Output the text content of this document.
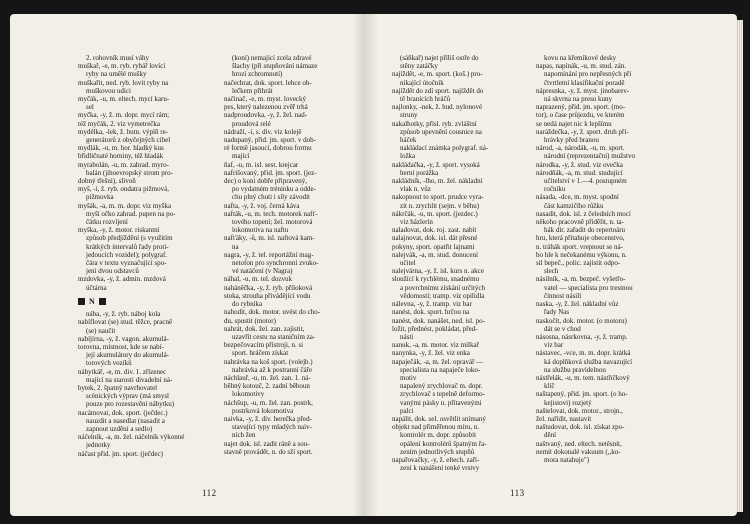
2. rohovník musí váhy

muškař, -e, m. ryb. rybář lovící

ryby na umělé mušky

muškařit, ned. ryb. lovit ryby na

muškovou udici

myčák, -u, m. eltech. mycí karu-

sel

myčka, -y, ž. m. dopr. mycí rám;

též myčák, 2. viz vymetrečka

mydélka, -lek, ž. hutn. výplň re-

generátorů z obyčejných cihel

mydlák, -u, m. hor. hladký kus

břidličnaté horniny, též hladák

myrabolán, -u, m. zahrad. myro-

balán (jihoevropský strom pro-

dobný třešni), slivoň

myš, -i, ž. ryb. ondatra pižmová,

pižmovka

myšák, -a, m. m. dopr. viz myška

myší očko zahrad. pupen na po-

čátku rozvíjení

myška, -y, ž. motor. riskantní

způsob předjíždění (s využitím

krátkých intervalů řady proti-

jedoucích vozidel); polygraf.

čára v textu vyznačující spo-

jení dvou odstavců

mzdovka, -y, ž. admin. mzdová

účtárna

N

nába, -y, ž. ryb. náboj kola

nabíflovat (se) stud. těžce, pracně

(se) naučit

nabíjírna, -y, ž. vagon. akumulá-

torovna, místnost, kde se nabí-

její akumulátory do akumulá-

torových vozíků

nábytkář, -e, m. div. 1. zřízenec

mající na starosti divadelní ná-

bytek, 2. špatný navrhovatel

scénických výprav (má smysl

pouze pro rozestavění nábytku)

nacámovat, dok. sport. (ječdec.)

nauzdit a nasedlat (nasadit a

zapnout uzdění a sedlo)

náčelník, -a, m. žel. náčelník výkonné

jednotky

náčast přid. jm. sport. (ječdec)

(koní) nemající zcela zdravé

šlachy (při stupňování námaze

hrozí zchromnutí)

načechrat, dok. sport. lehce ob-

lečkem přihrát

načinač, -e, m. myst. lovecký

pes, který nalezenou zvěř trhá

nadproudovka, -y, ž. žel. nad-

proudová relé

nádraží, -í, s. div. viz kolejě

nadupaný, přid. jm. sport. v dob-

ré formě jasoucí, dobrou formu

mající

ňaf, -u, m. isl. sest. krejcar

nafrišovaný, přid. jm. sport. (jez-

dec) o koni dobře připravený,

po vydatném tréninku a odde-

chu plný chuti i síly závodit

nafta, -y, ž. voj. černá káva

nafták, -u, m. tech. motorek nafť-

tového topení; žel. motorová

lokomotiva na naftu

nafťáky, -ů, m. isl. naftová kam-

na

nagra, -y, ž. tel. reportážní mag-

netofon pro synchronní zvuko-

vé natáčení (v Nagra)

náhal, -u, m. tel. dozvuk

naháněčka, -y, ž. ryb. příloková

stoka, strouha přivádějící vodu

do rybníka

nahodit, dok. motor. uvést do cho-

du, spustit (motor)

nahrát, dok. žel. zan. zajistit,

uzavřít cestu na staničním za-

bezpečovacím přístroji, n. si

sport. hráčem získat

nahrávka na koš sport. (volejb.)

nahrávka až k postranní čáře

náchlauř, -u, m. žel. zan. 1. ná-

běhný kotouč, 2. zadní běhoun

lokomotivy

náchšup, -u, m. žel. zan. postrk,

postrková lokomotiva

naivka, -y, ž. div. herečka před-

stavující typy mladých naiv-

ních žen

najet dok. isl. zadit ráně a sou-

stavně provádět, n. do sží sport.

112

(sáňkař) najet příliš ostře do

stěny zatáčky

najíždět, -e, m. sport. (koš.) pro-

nikající útočník

najíždět do zdí sport. najíždět do

tě branících hráčů

najlonky, -nek, ž. hud. nylonové

struny

nakalhotky, přísl. ryb. zvláštní

způsob upevnění cousnice na

háček

nakládací známka polygraf. ná-

ložka

nakládačka, -y, ž. sport. vysoká

herní porážka

nakládník, -lho, m. žel. nákladní

vlak n. vůz

nakopnout to sport. prudce vyra-

zit n. zrychlit (sejm. v běhu)

nákrčák, -u, m. sport. (jezdec.)

viz házlerín

naladovat, dok. roj. zast. nabít

nalajnovat, dok. isl. dát přesné

pokyny, sport. opatřit lajnami

nalejvák, -a, m. stud. donucení

učitel

nalejvárna, -y, ž. isl. kurs n. akce

sloužící k rychlému, snadnému

a povrchnímu získání určitých

vědomostí; tramp. viz opilidla

nálevna, -y, ž. tramp. viz bar

nanést, dok. sport. hrčou na

nanést, dok. nanášet, ned. isl. po-

ložit, přednést, pokládat, před-

násti

nanuk, -a, m. motor. viz milkař

nanynka, -y, ž. žel. viz enka

napaječák, -a, m. žel. opravář —

specialista na napaječe loko-

motiv

napalený zrychlovač m. dopr.

zrychlovač s tepelně deformo-

vanými pásky n. přítavenými

palci

napálit, dok. sel. osvětlit snímaný

objekt nad přiměřenou míru, n.

kontrolér m. dopr. způsobit

opálení kontrolérů špatným řa-

zením jednotlivých stupňů

napařovačky, -y, ž. eltech. zaří-

zení k nanášení tenké vrstvy

kovu na křemíkové desky

napas, napínák, -u, m. stud. zán.

napomínání pro nepřesných při

čtvrtletní klasifikační poradě

nápresnka, -y, ž. myst. jinobarev-

ná skvrna na presu kuny

naprazený, přid. jm. sport. (mo-

tor), o čase průjezdu, ve kterém

se nedá najet nic k lepšímu

naráždečka, -y, ž. sport. druh pří-

hrávky před branou

národ, -a, národák, -u, m. sport.

národní (reprezentační) mužstvo

národka, -y, ž. stud. viz ovečka

národňák, -a, m. stud. studující

učitelství v 1.—4. postupném

ročníku

násada, -dce, m. myst. spodní

část kamzičího růžku

nasadit, dok. isl. z čeledních mocí

někoho pracovně přidělit, n. ta-

hák dir. zařadit do repertoáru

hru, která přitahuje obecenstvo,

n. tráhák sport. vrepnout se ná-

bo hle k nečekanému výkonu, n.

sil bepeč., polic. zajistit odpo-

slech

násilník, -a, m. bezpeč. vyšetřo-

vatel — specialista pro trestnou

činnost násilí

naska, -y, ž. žel. nákladní vůz

řady Nas

naskočit, dok. motor. (o motoru)

dát se v chod

násosna, násrkovna, -y, ž. tramp.

viz bar

nástavec, -vce, m. m. dopr. krátká

ká doplňková služba navazující

na službu pravidelnou

nástřelák, -u, m. tem. nástřičkový

klíč

naštapený, přid. jm. sport. (o ho-

kejistovi) rozjetý

naštelovat, dok. motor., strojn.,

žel. nařídit, nastavit

naštudovat, dok. isl. získat zpo-

dění

naštvaný, ned. eltech. netěsnit,

nemít dokonalé vakuum (,,ko-

mora natahuje")

113
